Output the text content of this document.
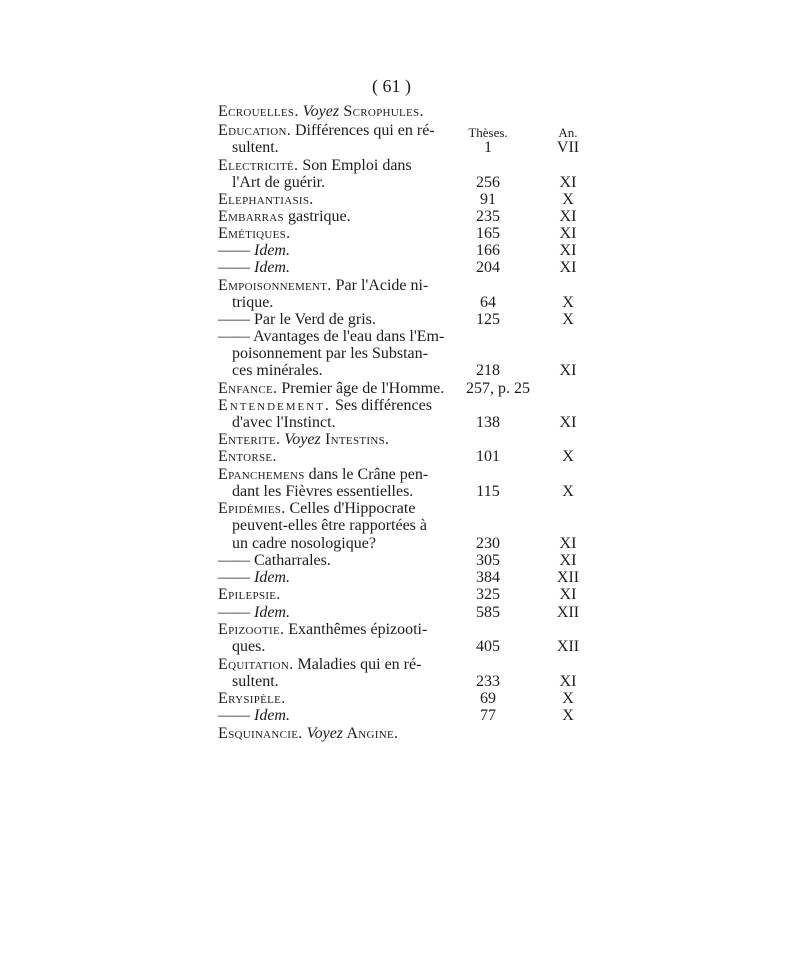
( 61 )
Ecrouelles. Voyez Scrophules.
Thèses.	An.
Education. Différences qui en ré-
sultent.	1	VII
Electricité. Son Emploi dans
l'Art de guérir.	256	XI
Elephantiasis.	91	X
Embarras gastrique.	235	XI
Emétiques.	165	XI
—— Idem.	166	XI
—— Idem.	204	XI
Empoisonnement. Par l'Acide ni-
trique.	64	X
—— Par le Verd de gris.	125	X
—— Avantages de l'eau dans l'Em-
poisonnement par les Substan-
ces minérales.	218	XI
Enfance. Premier âge de l'Homme. 257, p. 25
Entendement. Ses différences
d'avec l'Instinct.	138	XI
Enterite. Voyez Intestins.
Entorse.	101	X
Epanchemens dans le Crâne pen-
dant les Fièvres essentielles.	115	X
Epidémies. Celles d'Hippocrate
peuvent-elles être rapportées à
un cadre nosologique?	230	XI
—— Catharrales.	305	XI
—— Idem.	384	XII
Epilepsie.	325	XI
—— Idem.	585	XII
Epizootie. Exanthêmes épizooti-
ques.	405	XII
Equitation. Maladies qui en ré-
sultent.	233	XI
Erysipèle.	69	X
—— Idem.	77	X
Esquinancie. Voyez Angine.
